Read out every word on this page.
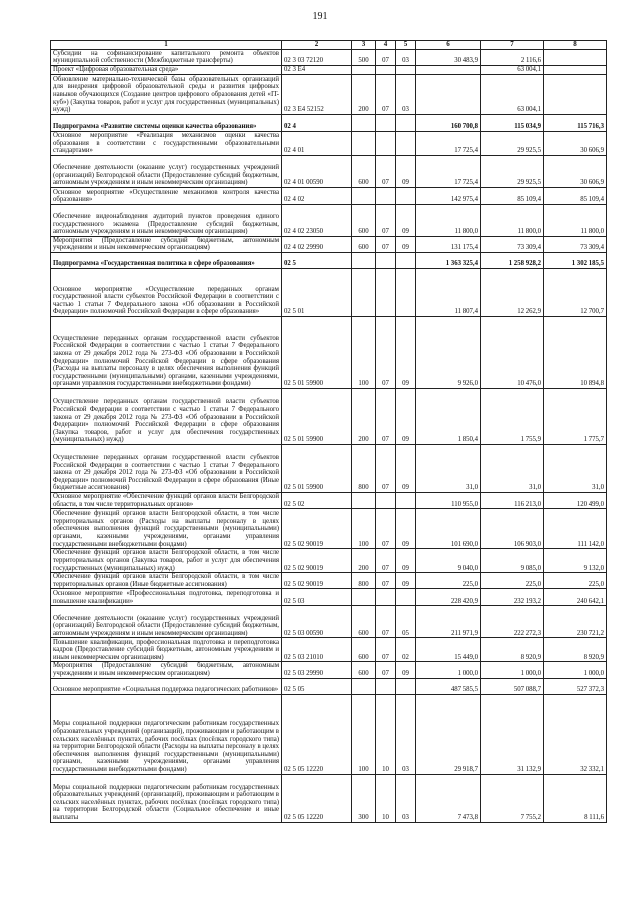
191
1	2	3	4	5	6	7	8
Субсидии на софинансирование капитального ремонта объектов муниципальной собственности (Межбюджетные трансферты)	02 3 03 72120	500	07	03	30 483,9	2 116,6	
Проект «Цифровая образовательная среда»	02 3 E4					63 004,1	
Обновление материально-технической базы образовательных организаций для внедрения цифровой образовательной среды и развития цифровых навыков обучающихся (Создание центров цифрового образования детей «IT-куб») (Закупка товаров, работ и услуг для государственных (муниципальных) нужд)	02 3 E4 52152	200	07	03		63 004,1	
Подпрограмма «Развитие системы оценки качества образования»	02 4				160 700,8	115 034,9	115 716,3
Основное мероприятие «Реализация механизмов оценки качества образования в соответствии с государственными образовательными стандартами»	02 4 01				17 725,4	29 925,5	30 606,9
Обеспечение деятельности (оказание услуг) государственных учреждений (организаций) Белгородской области (Предоставление субсидий бюджетным, автономным учреждениям и иным некоммерческим организациям)	02 4 01 00590	600	07	09	17 725,4	29 925,5	30 606,9
Основное мероприятие «Осуществление механизмов контроля качества образования»	02 4 02				142 975,4	85 109,4	85 109,4
Обеспечение видеонаблюдения аудиторий пунктов проведения единого государственного экзамена (Предоставление субсидий бюджетным, автономным учреждениям и иным некоммерческим организациям)	02 4 02 23050	600	07	09	11 800,0	11 800,0	11 800,0
Мероприятия (Предоставление субсидий бюджетным, автономным учреждениям и иным некоммерческим организациям)	02 4 02 29990	600	07	09	131 175,4	73 309,4	73 309,4
Подпрограмма «Государственная политика в сфере образования»	02 5				1 363 325,4	1 258 928,2	1 302 185,5
Основное мероприятие «Осуществление переданных органам государственной власти субъектов Российской Федерации в соответствии с частью 1 статьи 7 Федерального закона «Об образовании в Российской Федерации» полномочий Российской Федерации в сфере образования»	02 5 01				11 807,4	12 262,9	12 700,7
Осуществление переданных органам государственной власти субъектов Российской Федерации в соответствии с частью 1 статьи 7 Федерального закона от 29 декабря 2012 года № 273-ФЗ «Об образовании в Российской Федерации» полномочий Российской Федерации в сфере образования (Расходы на выплаты персоналу в целях обеспечения выполнения функций государственными (муниципальными) органами, казенными учреждениями, органами управления государственными внебюджетными фондами)	02 5 01 59900	100	07	09	9 926,0	10 476,0	10 894,8
Осуществление переданных органам государственной власти субъектов Российской Федерации в соответствии с частью 1 статьи 7 Федерального закона от 29 декабря 2012 года № 273-ФЗ «Об образовании в Российской Федерации» полномочий Российской Федерации в сфере образования (Закупка товаров, работ и услуг для обеспечения государственных (муниципальных) нужд)	02 5 01 59900	200	07	09	1 850,4	1 755,9	1 775,7
Осуществление переданных органам государственной власти субъектов Российской Федерации в соответствии с частью 1 статьи 7 Федерального закона от 29 декабря 2012 года № 273-ФЗ «Об образовании в Российской Федерации» полномочий Российской Федерации в сфере образования (Иные бюджетные ассигнования)	02 5 01 59900	800	07	09	31,0	31,0	31,0
Основное мероприятие «Обеспечение функций органов власти Белгородской области, в том числе территориальных органов»	02 5 02				110 955,0	116 213,0	120 499,0
Обеспечение функций органов власти Белгородской области, в том числе территориальных органов (Расходы на выплаты персоналу в целях обеспечения выполнения функций государственными (муниципальными) органами, казенными учреждениями, органами управления государственными внебюджетными фондами)	02 5 02 90019	100	07	09	101 690,0	106 903,0	111 142,0
Обеспечение функций органов власти Белгородской области, в том числе территориальных органов (Закупка товаров, работ и услуг для обеспечения государственных (муниципальных) нужд)	02 5 02 90019	200	07	09	9 040,0	9 085,0	9 132,0
Обеспечение функций органов власти Белгородской области, в том числе территориальных органов (Иные бюджетные ассигнования)	02 5 02 90019	800	07	09	225,0	225,0	225,0
Основное мероприятие «Профессиональная подготовка, переподготовка и повышение квалификации»	02 5 03				228 420,9	232 193,2	240 642,1
Обеспечение деятельности (оказание услуг) государственных учреждений (организаций) Белгородской области (Предоставление субсидий бюджетным, автономным учреждениям и иным некоммерческим организациям)	02 5 03 00590	600	07	05	211 971,9	222 272,3	230 721,2
Повышение квалификации, профессиональная подготовка и переподготовка кадров (Предоставление субсидий бюджетным, автономным учреждениям и иным некоммерческим организациям)	02 5 03 21010	600	07	02	15 449,0	8 920,9	8 920,9
Мероприятия (Предоставление субсидий бюджетным, автономным учреждениям и иным некоммерческим организациям)	02 5 03 29990	600	07	09	1 000,0	1 000,0	1 000,0
Основное мероприятие «Социальная поддержка педагогических работников»	02 5 05				487 585,5	507 088,7	527 372,3
Меры социальной поддержки педагогическим работникам государственных образовательных учреждений (организаций), проживающим и работающим в сельских населённых пунктах, рабочих посёлках (посёлках городского типа) на территории Белгородской области (Расходы на выплаты персоналу в целях обеспечения выполнения функций государственными (муниципальными) органами, казенными учреждениями, органами управления государственными внебюджетными фондами)	02 5 05 12220	100	10	03	29 918,7	31 132,9	32 332,1
Меры социальной поддержки педагогическим работникам государственных образовательных учреждений (организаций), проживающим и работающим в сельских населённых пунктах, рабочих посёлках (посёлках городского типа) на территории Белгородской области (Социальное обеспечение и иные выплаты	02 5 05 12220	300	10	03	7 473,8	7 755,2	8 111,6
